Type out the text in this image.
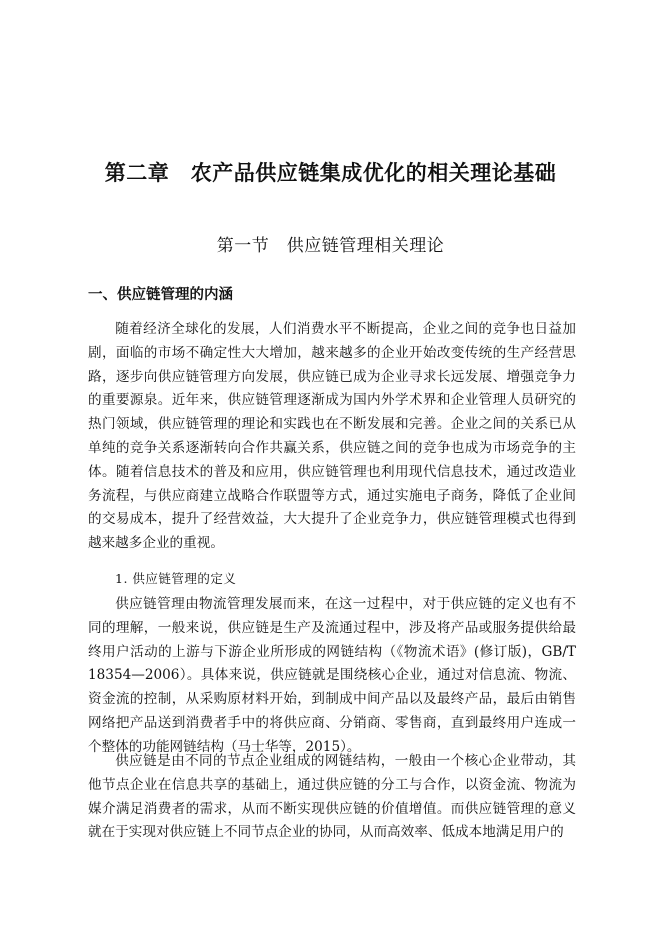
第二章　农产品供应链集成优化的相关理论基础
第一节　供应链管理相关理论
一、供应链管理的内涵

随着经济全球化的发展，人们消费水平不断提高，企业之间的竞争也日益加剧，面临的市场不确定性大大增加，越来越多的企业开始改变传统的生产经营思路，逐步向供应链管理方向发展，供应链已成为企业寻求长远发展、增强竞争力的重要源泉。近年来，供应链管理逐渐成为国内外学术界和企业管理人员研究的热门领域，供应链管理的理论和实践也在不断发展和完善。企业之间的关系已从单纯的竞争关系逐渐转向合作共赢关系，供应链之间的竞争也成为市场竞争的主体。随着信息技术的普及和应用，供应链管理也利用现代信息技术，通过改造业务流程，与供应商建立战略合作联盟等方式，通过实施电子商务，降低了企业间的交易成本，提升了经营效益，大大提升了企业竞争力，供应链管理模式也得到越来越多企业的重视。

1. 供应链管理的定义

供应链管理由物流管理发展而来，在这一过程中，对于供应链的定义也有不同的理解，一般来说，供应链是生产及流通过程中，涉及将产品或服务提供给最终用户活动的上游与下游企业所形成的网链结构（《物流术语》(修订版)，GB/T 18354—2006）。具体来说，供应链就是围绕核心企业，通过对信息流、物流、资金流的控制，从采购原材料开始，到制成中间产品以及最终产品，最后由销售网络把产品送到消费者手中的将供应商、分销商、零售商，直到最终用户连成一个整体的功能网链结构（马士华等，2015）。

供应链是由不同的节点企业组成的网链结构，一般由一个核心企业带动，其他节点企业在信息共享的基础上，通过供应链的分工与合作，以资金流、物流为媒介满足消费者的需求，从而不断实现供应链的价值增值。而供应链管理的意义就在于实现对供应链上不同节点企业的协同，从而高效率、低成本地满足用户的
